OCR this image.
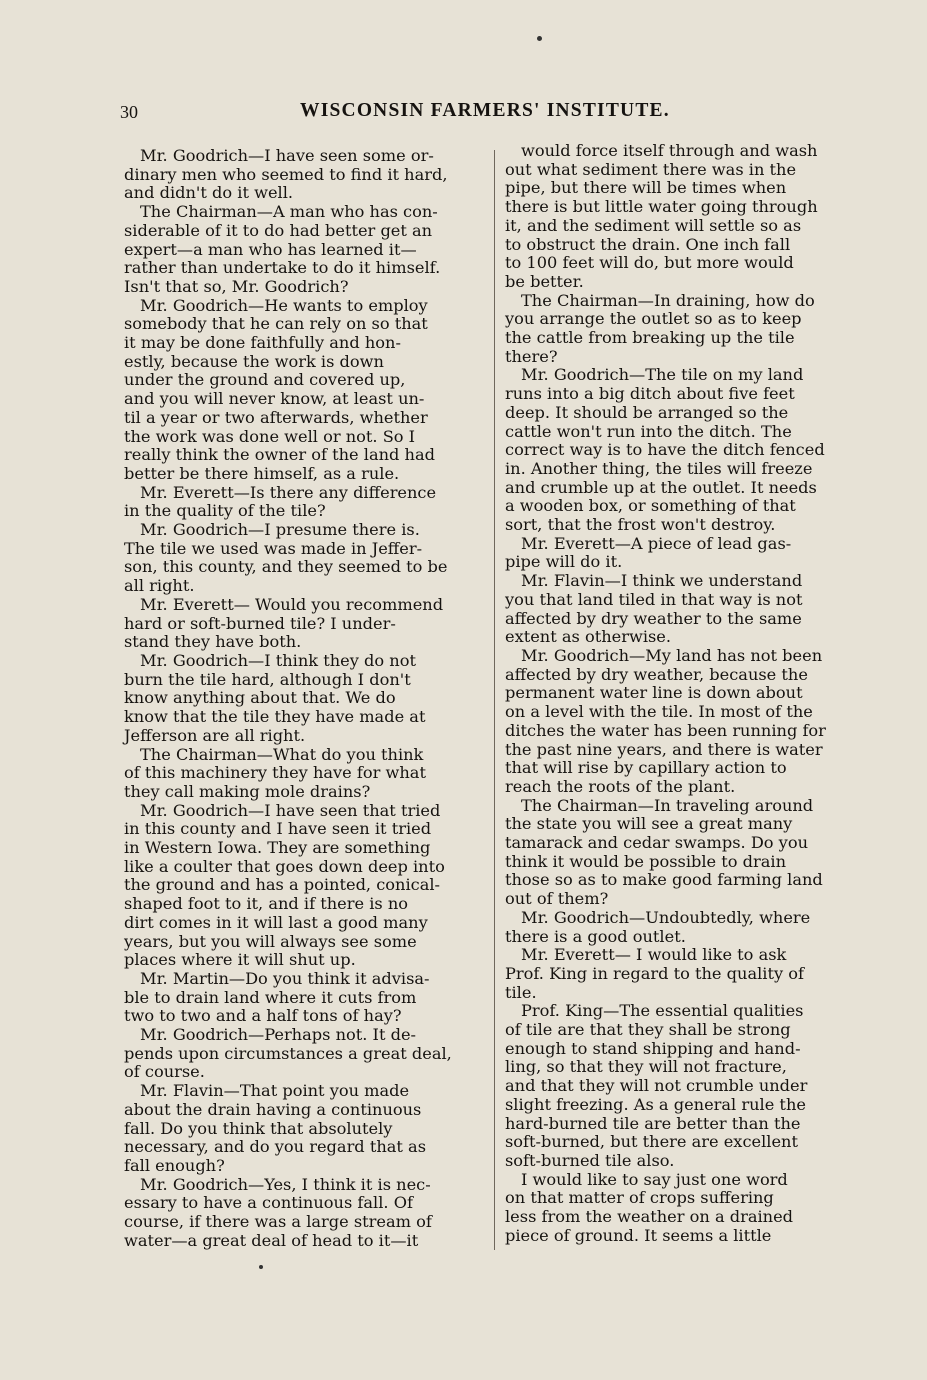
30	WISCONSIN FARMERS' INSTITUTE.

Mr. Goodrich—I have seen some or-
dinary men who seemed to find it hard,
and didn't do it well.

The Chairman—A man who has con-
siderable of it to do had better get an
expert—a man who has learned it—
rather than undertake to do it himself.
Isn't that so, Mr. Goodrich?

Mr. Goodrich—He wants to employ
somebody that he can rely on so that
it may be done faithfully and hon-
estly, because the work is down
under the ground and covered up,
and you will never know, at least un-
til a year or two afterwards, whether
the work was done well or not. So I
really think the owner of the land had
better be there himself, as a rule.

Mr. Everett—Is there any difference
in the quality of the tile?

Mr. Goodrich—I presume there is.
The tile we used was made in Jeffer-
son, this county, and they seemed to be
all right.

Mr. Everett— Would you recommend
hard or soft-burned tile? I under-
stand they have both.

Mr. Goodrich—I think they do not
burn the tile hard, although I don't
know anything about that. We do
know that the tile they have made at
Jefferson are all right.

The Chairman—What do you think
of this machinery they have for what
they call making mole drains?

Mr. Goodrich—I have seen that tried
in this county and I have seen it tried
in Western Iowa. They are something
like a coulter that goes down deep into
the ground and has a pointed, conical-
shaped foot to it, and if there is no
dirt comes in it will last a good many
years, but you will always see some
places where it will shut up.

Mr. Martin—Do you think it advisa-
ble to drain land where it cuts from
two to two and a half tons of hay?

Mr. Goodrich—Perhaps not. It de-
pends upon circumstances a great deal,
of course.

Mr. Flavin—That point you made
about the drain having a continuous
fall. Do you think that absolutely
necessary, and do you regard that as
fall enough?

Mr. Goodrich—Yes, I think it is nec-
essary to have a continuous fall. Of
course, if there was a large stream of
water—a great deal of head to it—it

would force itself through and wash
out what sediment there was in the
pipe, but there will be times when
there is but little water going through
it, and the sediment will settle so as
to obstruct the drain. One inch fall
to 100 feet will do, but more would
be better.

The Chairman—In draining, how do
you arrange the outlet so as to keep
the cattle from breaking up the tile
there?

Mr. Goodrich—The tile on my land
runs into a big ditch about five feet
deep. It should be arranged so the
cattle won't run into the ditch. The
correct way is to have the ditch fenced
in. Another thing, the tiles will freeze
and crumble up at the outlet. It needs
a wooden box, or something of that
sort, that the frost won't destroy.

Mr. Everett—A piece of lead gas-
pipe will do it.

Mr. Flavin—I think we understand
you that land tiled in that way is not
affected by dry weather to the same
extent as otherwise.

Mr. Goodrich—My land has not been
affected by dry weather, because the
permanent water line is down about
on a level with the tile. In most of the
ditches the water has been running for
the past nine years, and there is water
that will rise by capillary action to
reach the roots of the plant.

The Chairman—In traveling around
the state you will see a great many
tamarack and cedar swamps. Do you
think it would be possible to drain
those so as to make good farming land
out of them?

Mr. Goodrich—Undoubtedly, where
there is a good outlet.

Mr. Everett— I would like to ask
Prof. King in regard to the quality of
tile.

Prof. King—The essential qualities
of tile are that they shall be strong
enough to stand shipping and hand-
ling, so that they will not fracture,
and that they will not crumble under
slight freezing. As a general rule the
hard-burned tile are better than the
soft-burned, but there are excellent
soft-burned tile also.

I would like to say just one word
on that matter of crops suffering
less from the weather on a drained
piece of ground. It seems a little
